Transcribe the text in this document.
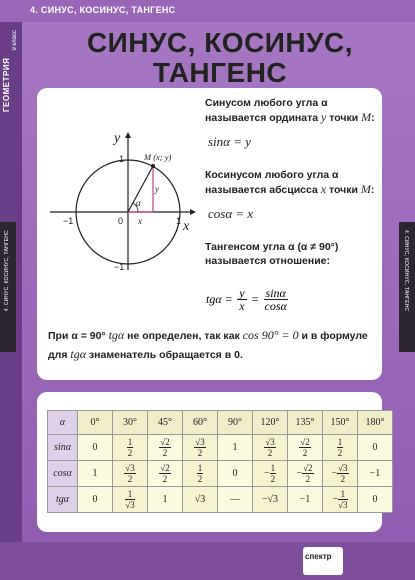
4. СИНУС, КОСИНУС, ТАНГЕНС
ГЕОМЕТРИЯ
9 класс
4. СИНУС, КОСИНУС, ТАНГЕНС	4. СИНУС, КОСИНУС, ТАНГЕНС
СИНУС, КОСИНУС,
ТАНГЕНС
y
x
M (x; y)
1
−1
−1	1
0
α
y
x
Синусом любого угла α
называется ордината y точки M:
sinα = y
Косинусом любого угла α
называется абсцисса x точки M:
cosα = x
Тангенсом угла α (α ≠ 90°)
называется отношение:
$tg\alpha = \frac{y}{x} = \frac{\sin\alpha}{\cos\alpha}$
При α = 90° tgα не определен, так как cos 90° = 0 и в формуле
для tgα знаменатель обращается в 0.
α	0°	30°	45°	60°	90°	120°	135°	150°	180°
sinα	0	$\frac{1}{2}$	$\frac{√2}{2}$	$\frac{√3}{2}$	1	$\frac{√3}{2}$	$\frac{√2}{2}$	$\frac{1}{2}$	0
cosα	1	$\frac{√3}{2}$	$\frac{√2}{2}$	$\frac{1}{2}$	0	− $\frac{1}{2}$	− $\frac{√2}{2}$	− $\frac{√3}{2}$	−1
tgα	0	$\frac{1}{√3}$	1	√3	—	−√3	−1	− $\frac{1}{√3}$	0
спектр
